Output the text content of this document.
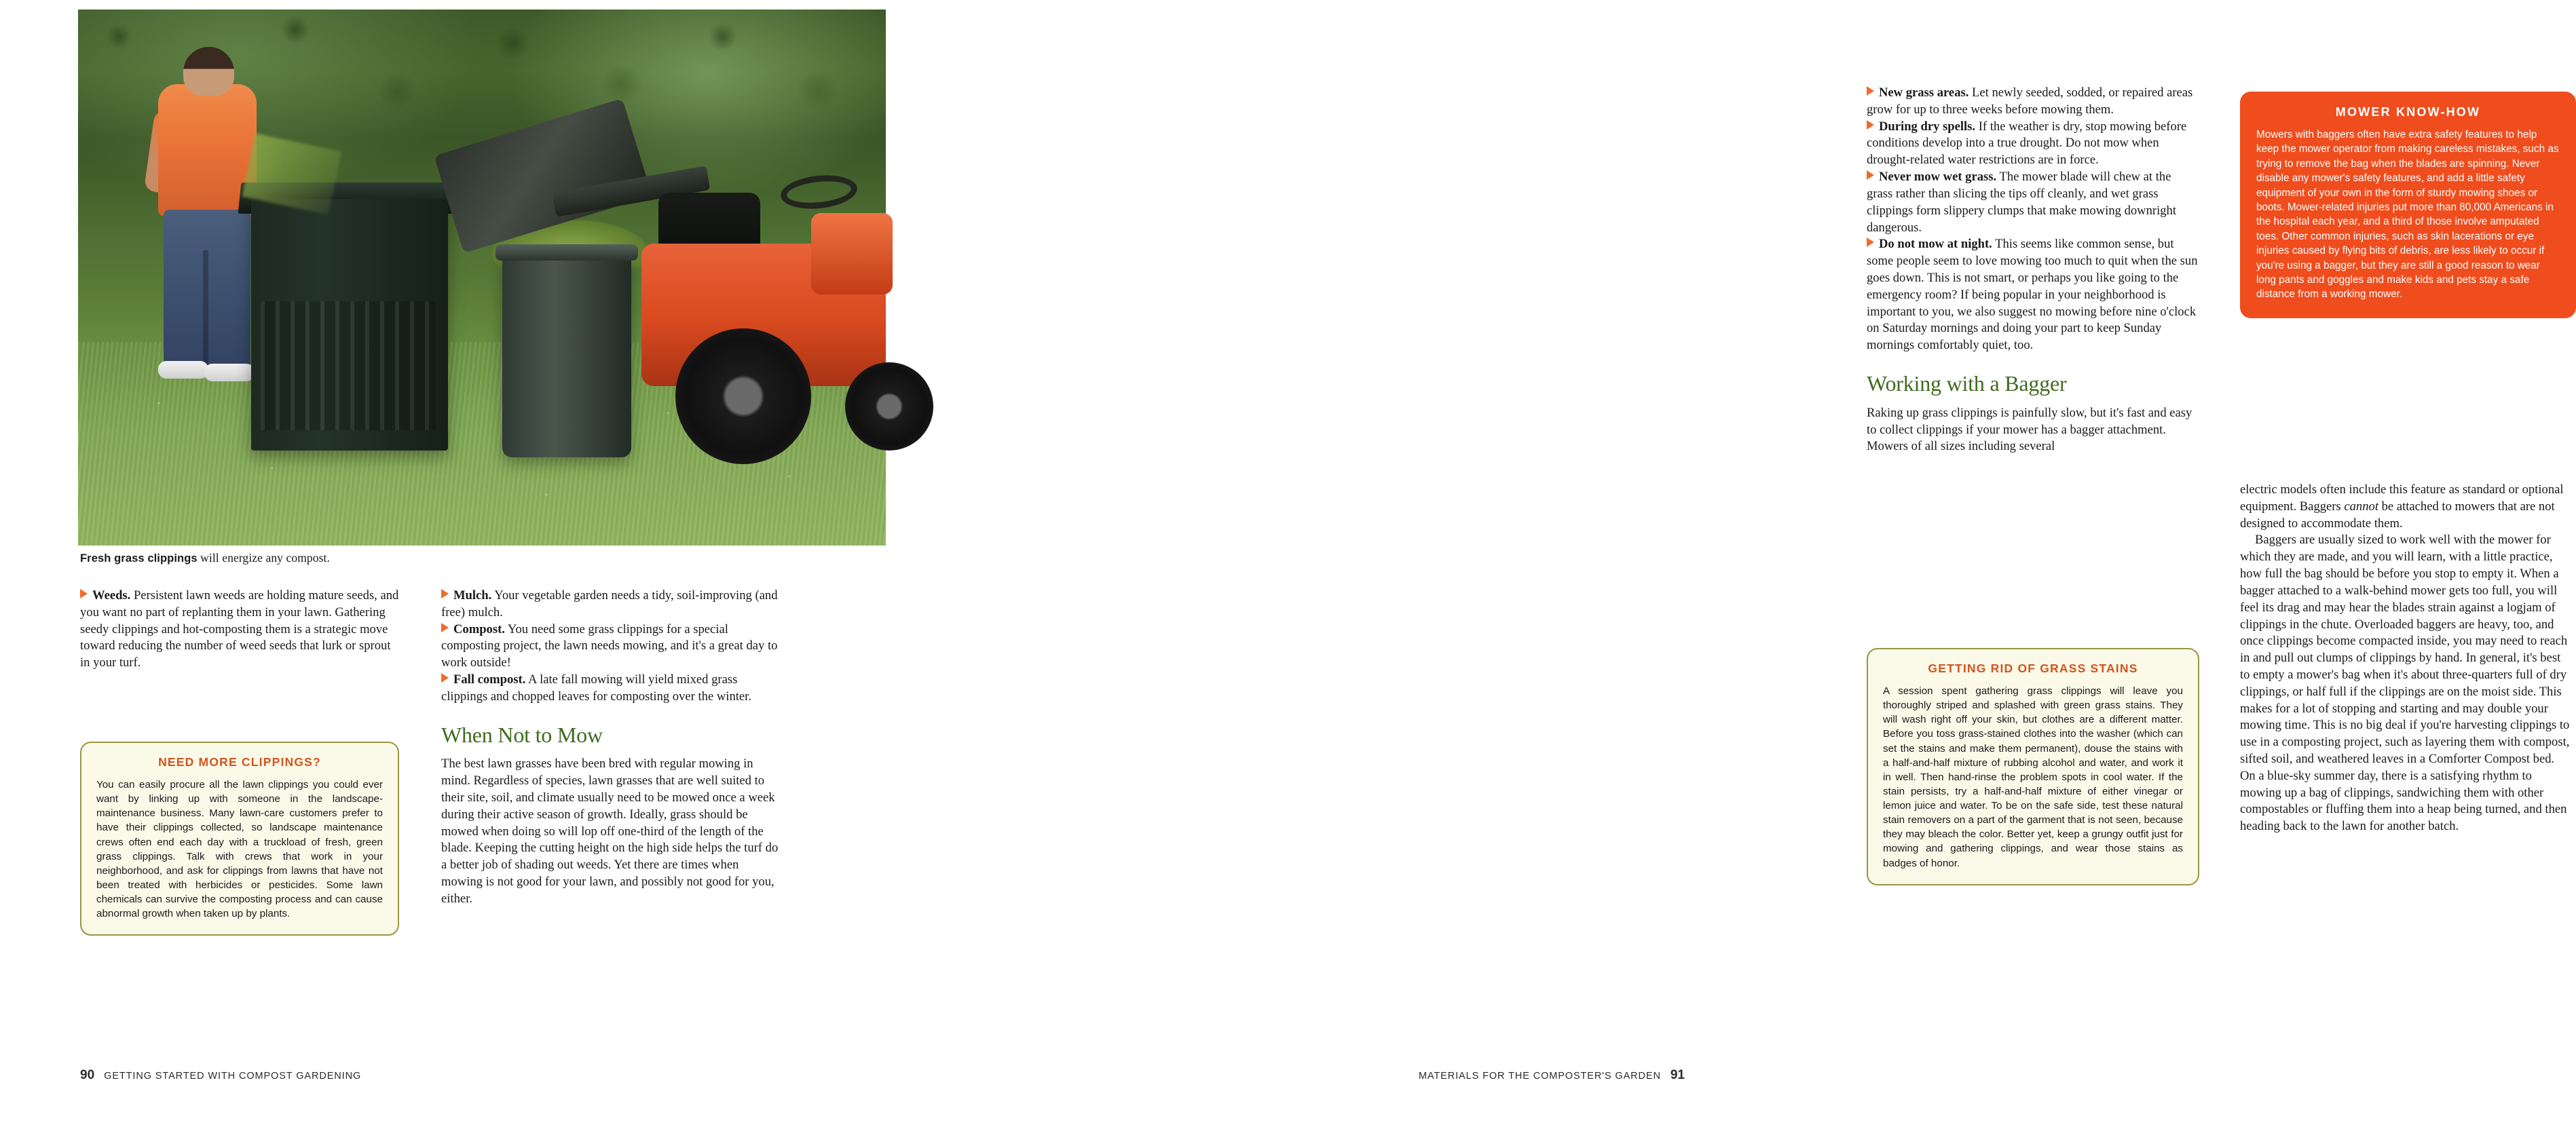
Fresh grass clippings will energize any compost.

Weeds. Persistent lawn weeds are holding mature seeds, and you want no part of replanting them in your lawn. Gathering seedy clippings and hot-composting them is a strategic move toward reducing the number of weed seeds that lurk or sprout in your turf.

Mulch. Your vegetable garden needs a tidy, soil-improving (and free) mulch.

Compost. You need some grass clippings for a special composting project, the lawn needs mowing, and it's a great day to work outside!

Fall compost. A late fall mowing will yield mixed grass clippings and chopped leaves for composting over the winter.

When Not to Mow

The best lawn grasses have been bred with regular mowing in mind. Regardless of species, lawn grasses that are well suited to their site, soil, and climate usually need to be mowed once a week during their active season of growth. Ideally, grass should be mowed when doing so will lop off one-third of the length of the blade. Keeping the cutting height on the high side helps the turf do a better job of shading out weeds. Yet there are times when mowing is not good for your lawn, and possibly not good for you, either.

NEED MORE CLIPPINGS?

You can easily procure all the lawn clippings you could ever want by linking up with someone in the landscape-maintenance business. Many lawn-care customers prefer to have their clippings collected, so landscape maintenance crews often end each day with a truckload of fresh, green grass clippings. Talk with crews that work in your neighborhood, and ask for clippings from lawns that have not been treated with herbicides or pesticides. Some lawn chemicals can survive the composting process and can cause abnormal growth when taken up by plants.

90 GETTING STARTED WITH COMPOST GARDENING

New grass areas. Let newly seeded, sodded, or repaired areas grow for up to three weeks before mowing them.

During dry spells. If the weather is dry, stop mowing before conditions develop into a true drought. Do not mow when drought-related water restrictions are in force.

Never mow wet grass. The mower blade will chew at the grass rather than slicing the tips off cleanly, and wet grass clippings form slippery clumps that make mowing downright dangerous.

Do not mow at night. This seems like common sense, but some people seem to love mowing too much to quit when the sun goes down. This is not smart, or perhaps you like going to the emergency room? If being popular in your neighborhood is important to you, we also suggest no mowing before nine o'clock on Saturday mornings and doing your part to keep Sunday mornings comfortably quiet, too.

Working with a Bagger

Raking up grass clippings is painfully slow, but it's fast and easy to collect clippings if your mower has a bagger attachment. Mowers of all sizes including several

MOWER KNOW-HOW

Mowers with baggers often have extra safety features to help keep the mower operator from making careless mistakes, such as trying to remove the bag when the blades are spinning. Never disable any mower's safety features, and add a little safety equipment of your own in the form of sturdy mowing shoes or boots. Mower-related injuries put more than 80,000 Americans in the hospital each year, and a third of those involve amputated toes. Other common injuries, such as skin lacerations or eye injuries caused by flying bits of debris, are less likely to occur if you're using a bagger, but they are still a good reason to wear long pants and goggles and make kids and pets stay a safe distance from a working mower.

electric models often include this feature as standard or optional equipment. Baggers cannot be attached to mowers that are not designed to accommodate them.

Baggers are usually sized to work well with the mower for which they are made, and you will learn, with a little practice, how full the bag should be before you stop to empty it. When a bagger attached to a walk-behind mower gets too full, you will feel its drag and may hear the blades strain against a logjam of clippings in the chute. Overloaded baggers are heavy, too, and once clippings become compacted inside, you may need to reach in and pull out clumps of clippings by hand. In general, it's best to empty a mower's bag when it's about three-quarters full of dry clippings, or half full if the clippings are on the moist side. This makes for a lot of stopping and starting and may double your mowing time. This is no big deal if you're harvesting clippings to use in a composting project, such as layering them with compost, sifted soil, and weathered leaves in a Comforter Compost bed. On a blue-sky summer day, there is a satisfying rhythm to mowing up a bag of clippings, sandwiching them with other compostables or fluffing them into a heap being turned, and then heading back to the lawn for another batch.

GETTING RID OF GRASS STAINS

A session spent gathering grass clippings will leave you thoroughly striped and splashed with green grass stains. They will wash right off your skin, but clothes are a different matter. Before you toss grass-stained clothes into the washer (which can set the stains and make them permanent), douse the stains with a half-and-half mixture of rubbing alcohol and water, and work it in well. Then hand-rinse the problem spots in cool water. If the stain persists, try a half-and-half mixture of either vinegar or lemon juice and water. To be on the safe side, test these natural stain removers on a part of the garment that is not seen, because they may bleach the color. Better yet, keep a grungy outfit just for mowing and gathering clippings, and wear those stains as badges of honor.

MATERIALS FOR THE COMPOSTER'S GARDEN 91
